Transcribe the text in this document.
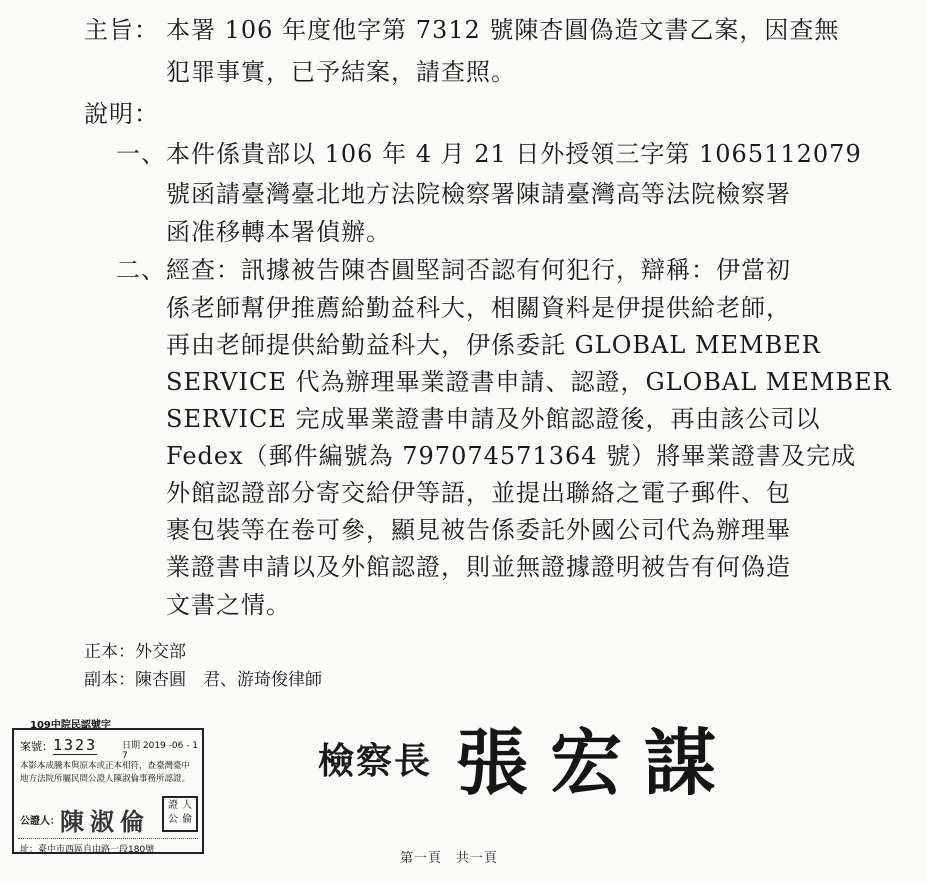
主旨： 本署 106 年度他字第 7312 號陳杏圓偽造文書乙案，因查無
犯罪事實，已予結案，請查照。
說明：
一、 本件係貴部以 106 年 4 月 21 日外授領三字第 1065112079
號函請臺灣臺北地方法院檢察署陳請臺灣高等法院檢察署
函准移轉本署偵辦。
二、 經查：訊據被告陳杏圓堅詞否認有何犯行，辯稱：伊當初
係老師幫伊推薦給勤益科大，相關資料是伊提供給老師，
再由老師提供給勤益科大，伊係委託 GLOBAL MEMBER
SERVICE 代為辦理畢業證書申請、認證，GLOBAL MEMBER
SERVICE 完成畢業證書申請及外館認證後，再由該公司以
Fedex（郵件編號為 797074571364 號）將畢業證書及完成
外館認證部分寄交給伊等語，並提出聯絡之電子郵件、包
裹包裝等在卷可參，顯見被告係委託外國公司代為辦理畢
業證書申請以及外館認證，則並無證據證明被告有何偽造
文書之情。
正本：外交部
副本：陳杏圓　君、游琦俊律師
109中院民認號字
案號：1323	日期 2019 -06 - 1 7
本影本成騰本與原本或正本相符，查臺灣臺中
地方法院所屬民間公證人陳淑倫事務所認證。
公證人： 陳淑倫
證 人
公 倫
址：臺中市西區自由路一段180號
檢察長 張宏謀
第一頁　共一頁
